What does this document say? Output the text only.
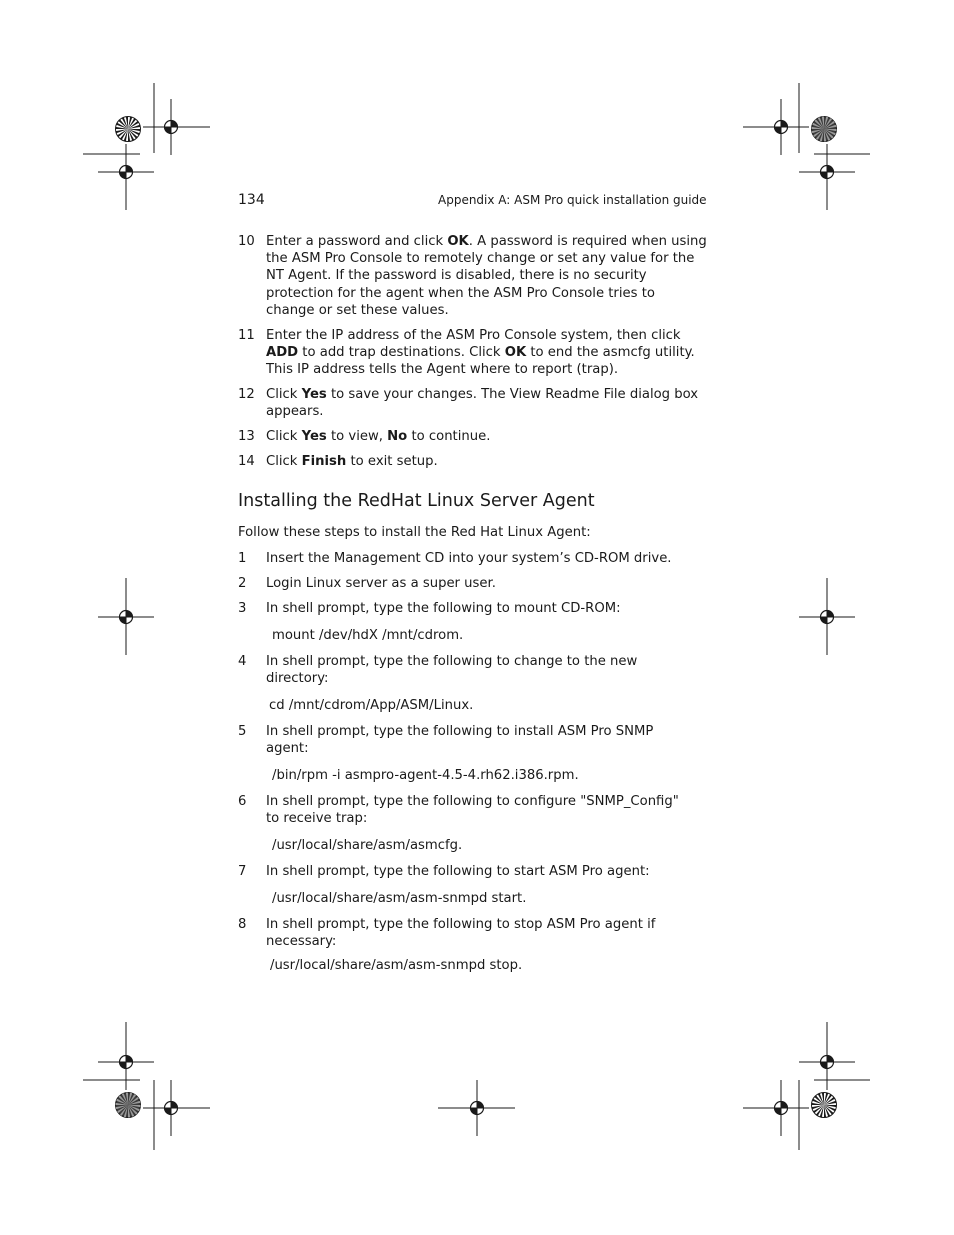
134	Appendix A: ASM Pro quick installation guide
10 Enter a password and click OK. A password is required when using
the ASM Pro Console to remotely change or set any value for the
NT Agent. If the password is disabled, there is no security
protection for the agent when the ASM Pro Console tries to
change or set these values.
11 Enter the IP address of the ASM Pro Console system, then click
ADD to add trap destinations. Click OK to end the asmcfg utility.
This IP address tells the Agent where to report (trap).
12 Click Yes to save your changes. The View Readme File dialog box
appears.
13 Click Yes to view, No to continue.
14 Click Finish to exit setup.
Installing the RedHat Linux Server Agent
Follow these steps to install the Red Hat Linux Agent:
1	Insert the Management CD into your system’s CD-ROM drive.
2	Login Linux server as a super user.
3	In shell prompt, type the following to mount CD-ROM:
mount /dev/hdX /mnt/cdrom.
4	In shell prompt, type the following to change to the new
directory:
cd /mnt/cdrom/App/ASM/Linux.
5	In shell prompt, type the following to install ASM Pro SNMP
agent:
/bin/rpm -i asmpro-agent-4.5-4.rh62.i386.rpm.
6	In shell prompt, type the following to configure "SNMP_Config"
to receive trap:
/usr/local/share/asm/asmcfg.
7	In shell prompt, type the following to start ASM Pro agent:
/usr/local/share/asm/asm-snmpd start.
8	In shell prompt, type the following to stop ASM Pro agent if
necessary:
/usr/local/share/asm/asm-snmpd stop.
